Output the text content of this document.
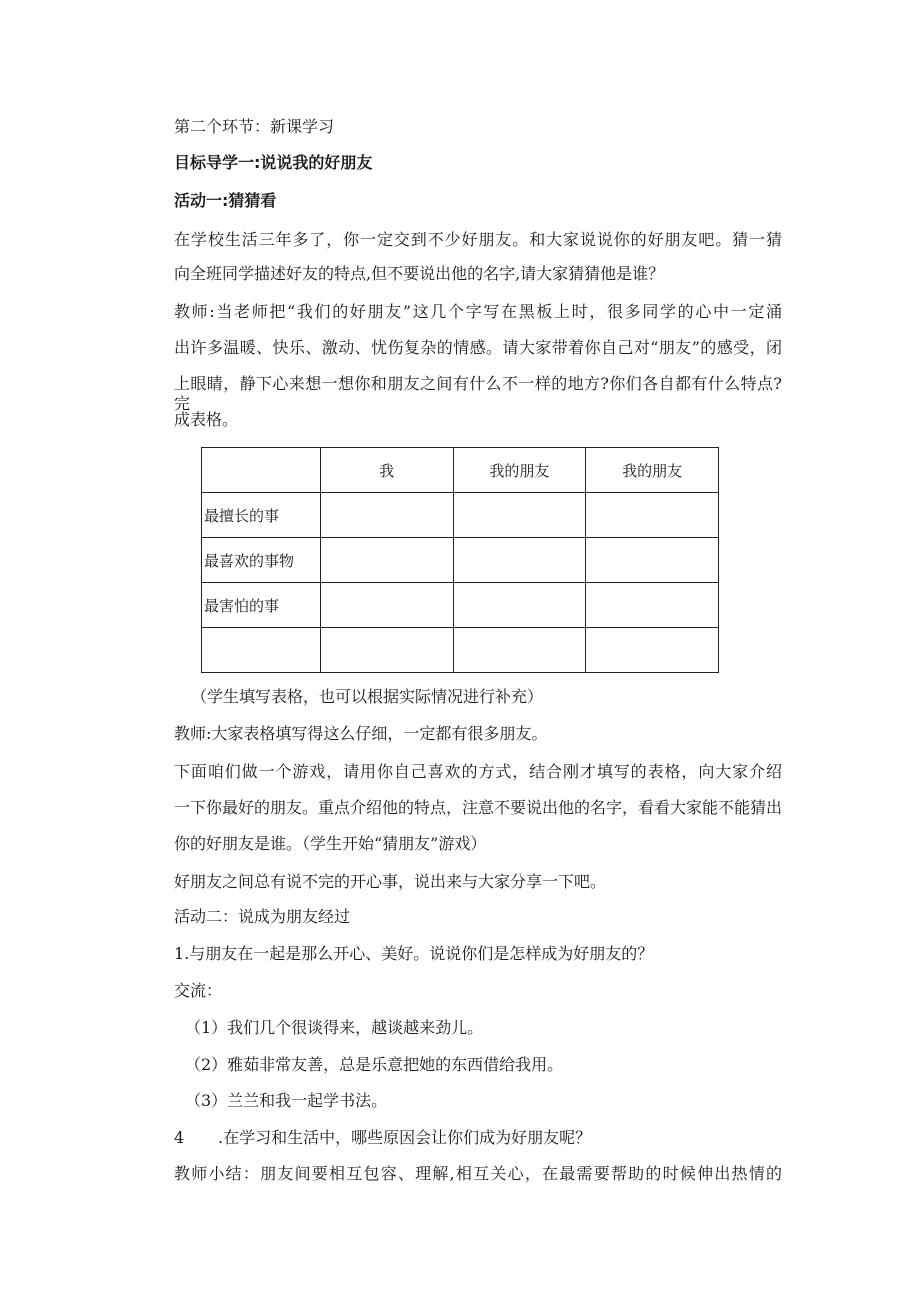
第二个环节：新课学习
目标导学一:说说我的好朋友
活动一:猜猜看
在学校生活三年多了，你一定交到不少好朋友。和大家说说你的好朋友吧。猜一猜
向全班同学描述好友的特点,但不要说出他的名字,请大家猜猜他是谁？
教师:当老师把“我们的好朋友”这几个字写在黑板上时，很多同学的心中一定涌
出许多温暖、快乐、激动、忧伤复杂的情感。请大家带着你自己对“朋友”的感受，闭
上眼睛，静下心来想一想你和朋友之间有什么不一样的地方?你们各自都有什么特点?完
成表格。
	我	我的朋友	我的朋友
最擅长的事			
最喜欢的事物			
最害怕的事			

（学生填写表格，也可以根据实际情况进行补充）
教师:大家表格填写得这么仔细，一定都有很多朋友。
下面咱们做一个游戏，请用你自己喜欢的方式，结合刚才填写的表格，向大家介绍
一下你最好的朋友。重点介绍他的特点，注意不要说出他的名字，看看大家能不能猜出
你的好朋友是谁。（学生开始“猜朋友”游戏）
好朋友之间总有说不完的开心事，说出来与大家分享一下吧。
活动二：说成为朋友经过
1.与朋友在一起是那么开心、美好。说说你们是怎样成为好朋友的？
交流：
（1）我们几个很谈得来，越谈越来劲儿。
（2）雅茹非常友善，总是乐意把她的东西借给我用。
（3）兰兰和我一起学书法。
4 .在学习和生活中，哪些原因会让你们成为好朋友呢？
教师小结：朋友间要相互包容、理解,相互关心，在最需要帮助的时候伸出热情的
